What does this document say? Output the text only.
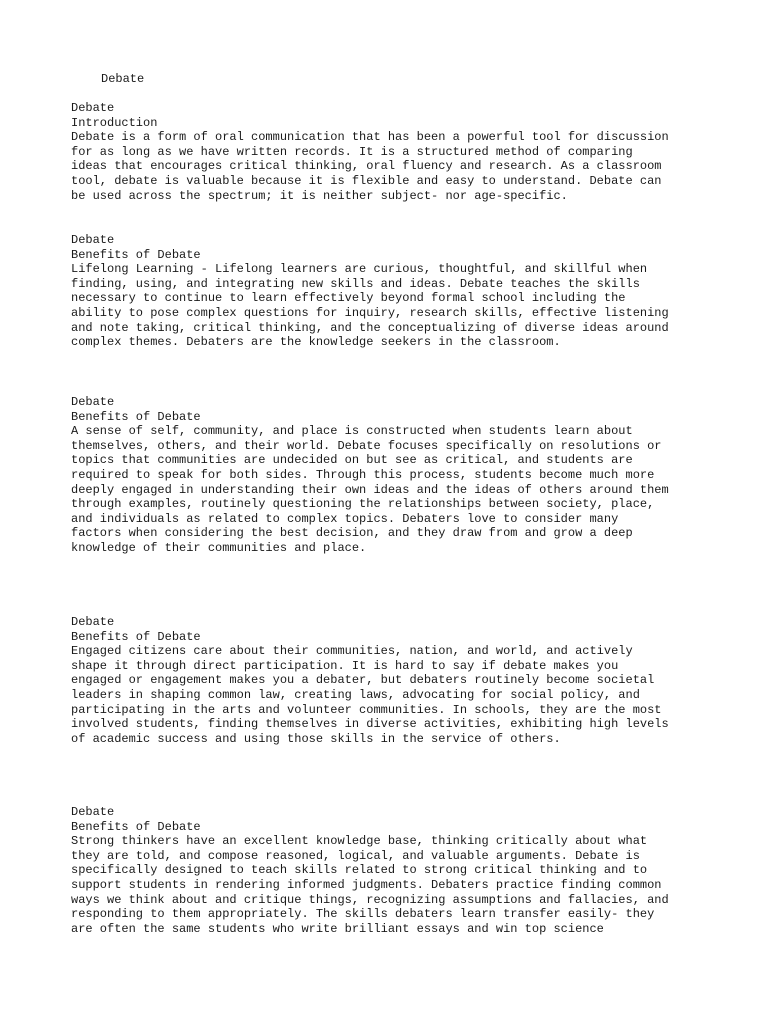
Debate
Debate
Introduction
Debate is a form of oral communication that has been a powerful tool for discussion
for as long as we have written records. It is a structured method of comparing
ideas that encourages critical thinking, oral fluency and research. As a classroom
tool, debate is valuable because it is flexible and easy to understand. Debate can
be used across the spectrum; it is neither subject- nor age-specific.
Debate
Benefits of Debate
Lifelong Learning - Lifelong learners are curious, thoughtful, and skillful when
finding, using, and integrating new skills and ideas. Debate teaches the skills
necessary to continue to learn effectively beyond formal school including the
ability to pose complex questions for inquiry, research skills, effective listening
and note taking, critical thinking, and the conceptualizing of diverse ideas around
complex themes. Debaters are the knowledge seekers in the classroom.
Debate
Benefits of Debate
A sense of self, community, and place is constructed when students learn about
themselves, others, and their world. Debate focuses specifically on resolutions or
topics that communities are undecided on but see as critical, and students are
required to speak for both sides. Through this process, students become much more
deeply engaged in understanding their own ideas and the ideas of others around them
through examples, routinely questioning the relationships between society, place,
and individuals as related to complex topics. Debaters love to consider many
factors when considering the best decision, and they draw from and grow a deep
knowledge of their communities and place.
Debate
Benefits of Debate
Engaged citizens care about their communities, nation, and world, and actively
shape it through direct participation. It is hard to say if debate makes you
engaged or engagement makes you a debater, but debaters routinely become societal
leaders in shaping common law, creating laws, advocating for social policy, and
participating in the arts and volunteer communities. In schools, they are the most
involved students, finding themselves in diverse activities, exhibiting high levels
of academic success and using those skills in the service of others.
Debate
Benefits of Debate
Strong thinkers have an excellent knowledge base, thinking critically about what
they are told, and compose reasoned, logical, and valuable arguments. Debate is
specifically designed to teach skills related to strong critical thinking and to
support students in rendering informed judgments. Debaters practice finding common
ways we think about and critique things, recognizing assumptions and fallacies, and
responding to them appropriately. The skills debaters learn transfer easily- they
are often the same students who write brilliant essays and win top science
